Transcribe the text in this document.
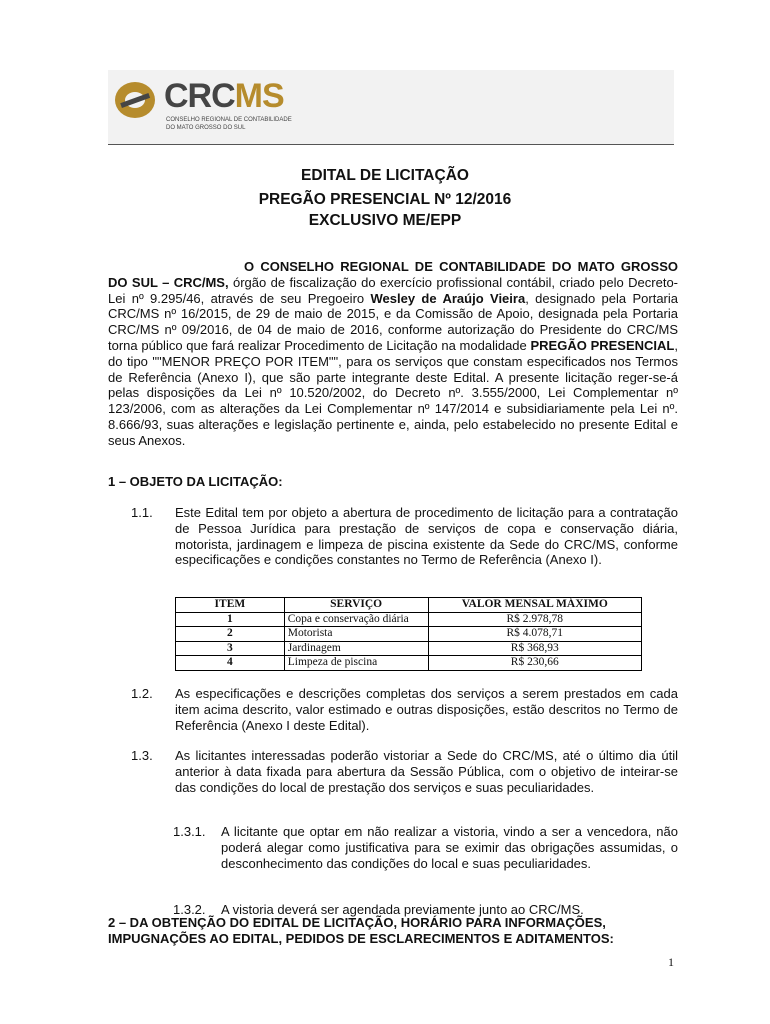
CRCMS
CONSELHO REGIONAL DE CONTABILIDADE DO MATO GROSSO DO SUL
EDITAL DE LICITAÇÃO
PREGÃO PRESENCIAL Nº 12/2016
EXCLUSIVO ME/EPP
O CONSELHO REGIONAL DE CONTABILIDADE DO MATO GROSSO DO SUL – CRC/MS, órgão de fiscalização do exercício profissional contábil, criado pelo Decreto-Lei nº 9.295/46, através de seu Pregoeiro Wesley de Araújo Vieira, designado pela Portaria CRC/MS nº 16/2015, de 29 de maio de 2015, e da Comissão de Apoio, designada pela Portaria CRC/MS nº 09/2016, de 04 de maio de 2016, conforme autorização do Presidente do CRC/MS torna público que fará realizar Procedimento de Licitação na modalidade PREGÃO PRESENCIAL, do tipo ""MENOR PREÇO POR ITEM"", para os serviços que constam especificados nos Termos de Referência (Anexo I), que são parte integrante deste Edital. A presente licitação reger-se-á pelas disposições da Lei nº 10.520/2002, do Decreto nº. 3.555/2000, Lei Complementar nº 123/2006, com as alterações da Lei Complementar nº 147/2014 e subsidiariamente pela Lei nº. 8.666/93, suas alterações e legislação pertinente e, ainda, pelo estabelecido no presente Edital e seus Anexos.
1 – OBJETO DA LICITAÇÃO:
1.1. Este Edital tem por objeto a abertura de procedimento de licitação para a contratação de Pessoa Jurídica para prestação de serviços de copa e conservação diária, motorista, jardinagem e limpeza de piscina existente da Sede do CRC/MS, conforme especificações e condições constantes no Termo de Referência (Anexo I).
ITEM	SERVIÇO	VALOR MENSAL MÁXIMO
1	Copa e conservação diária	R$ 2.978,78
2	Motorista	R$ 4.078,71
3	Jardinagem	R$ 368,93
4	Limpeza de piscina	R$ 230,66
1.2. As especificações e descrições completas dos serviços a serem prestados em cada item acima descrito, valor estimado e outras disposições, estão descritos no Termo de Referência (Anexo I deste Edital).
1.3. As licitantes interessadas poderão vistoriar a Sede do CRC/MS, até o último dia útil anterior à data fixada para abertura da Sessão Pública, com o objetivo de inteirar-se das condições do local de prestação dos serviços e suas peculiaridades.
1.3.1. A licitante que optar em não realizar a vistoria, vindo a ser a vencedora, não poderá alegar como justificativa para se eximir das obrigações assumidas, o desconhecimento das condições do local e suas peculiaridades.
1.3.2. A vistoria deverá ser agendada previamente junto ao CRC/MS.
2 – DA OBTENÇÃO DO EDITAL DE LICITAÇÃO, HORÁRIO PARA INFORMAÇÕES, IMPUGNAÇÕES AO EDITAL, PEDIDOS DE ESCLARECIMENTOS E ADITAMENTOS:
1
